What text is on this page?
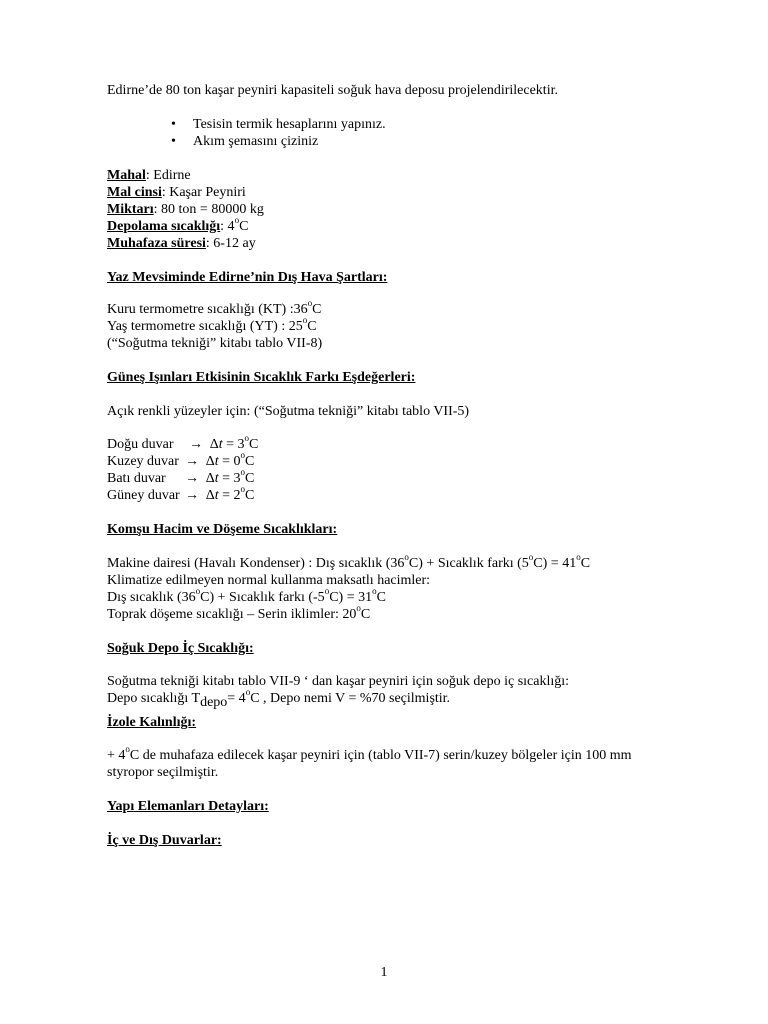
Edirne’de 80 ton kaşar peyniri kapasiteli soğuk hava deposu projelendirilecektir.
• Tesisin termik hesaplarını yapınız.
• Akım şemasını çiziniz
Mahal: Edirne
Mal cinsi: Kaşar Peyniri
Miktarı: 80 ton = 80000 kg
Depolama sıcaklığı: 4$^o$C
Muhafaza süresi: 6-12 ay
Yaz Mevsiminde Edirne’nin Dış Hava Şartları:
Kuru termometre sıcaklığı (KT) :36$^o$C
Yaş termometre sıcaklığı (YT) : 25$^o$C
(“Soğutma tekniği” kitabı tablo VII-8)
Güneş Işınları Etkisinin Sıcaklık Farkı Eşdeğerleri:
Açık renkli yüzeyler için: (“Soğutma tekniği” kitabı tablo VII-5)
Doğu duvar → $\Delta t = 3^oC$
Kuzey duvar → $\Delta t = 0^oC$
Batı duvar → $\Delta t = 3^oC$
Güney duvar → $\Delta t = 2^oC$
Komşu Hacim ve Döşeme Sıcaklıkları:
Makine dairesi (Havalı Kondenser) : Dış sıcaklık $(36^oC)$ + Sıcaklık farkı $(5^oC) = 41^oC$
Klimatize edilmeyen normal kullanma maksatlı hacimler:
Dış sıcaklık $(36^oC)$ + Sıcaklık farkı $(-5^oC) = 31^oC$
Toprak döşeme sıcaklığı – Serin iklimler: 20$^o$C
Soğuk Depo İç Sıcaklığı:
Soğutma tekniği kitabı tablo VII-9 ‘ dan kaşar peyniri için soğuk depo iç sıcaklığı:
Depo sıcaklığı $T_{depo}= 4^oC$ , Depo nemi V = %70 seçilmiştir.
İzole Kalınlığı:
+ $4^oC$ de muhafaza edilecek kaşar peyniri için (tablo VII-7) serin/kuzey bölgeler için 100 mm
styropor seçilmiştir.
Yapı Elemanları Detayları:
İç ve Dış Duvarlar:
1
